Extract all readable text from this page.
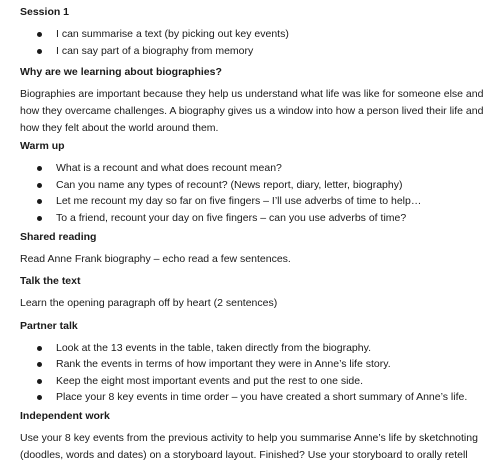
Session 1
I can summarise a text (by picking out key events)
I can say part of a biography from memory
Why are we learning about biographies?
Biographies are important because they help us understand what life was like for someone else and how they overcame challenges. A biography gives us a window into how a person lived their life and how they felt about the world around them.
Warm up
What is a recount and what does recount mean?
Can you name any types of recount? (News report, diary, letter, biography)
Let me recount my day so far on five fingers – I’ll use adverbs of time to help…
To a friend, recount your day on five fingers – can you use adverbs of time?
Shared reading
Read Anne Frank biography – echo read a few sentences.
Talk the text
Learn the opening paragraph off by heart (2 sentences)
Partner talk
Look at the 13 events in the table, taken directly from the biography.
Rank the events in terms of how important they were in Anne’s life story.
Keep the eight most important events and put the rest to one side.
Place your 8 key events in time order – you have created a short summary of Anne’s life.
Independent work
Use your 8 key events from the previous activity to help you summarise Anne’s life by sketchnoting (doodles, words and dates) on a storyboard layout. Finished? Use your storyboard to orally retell
